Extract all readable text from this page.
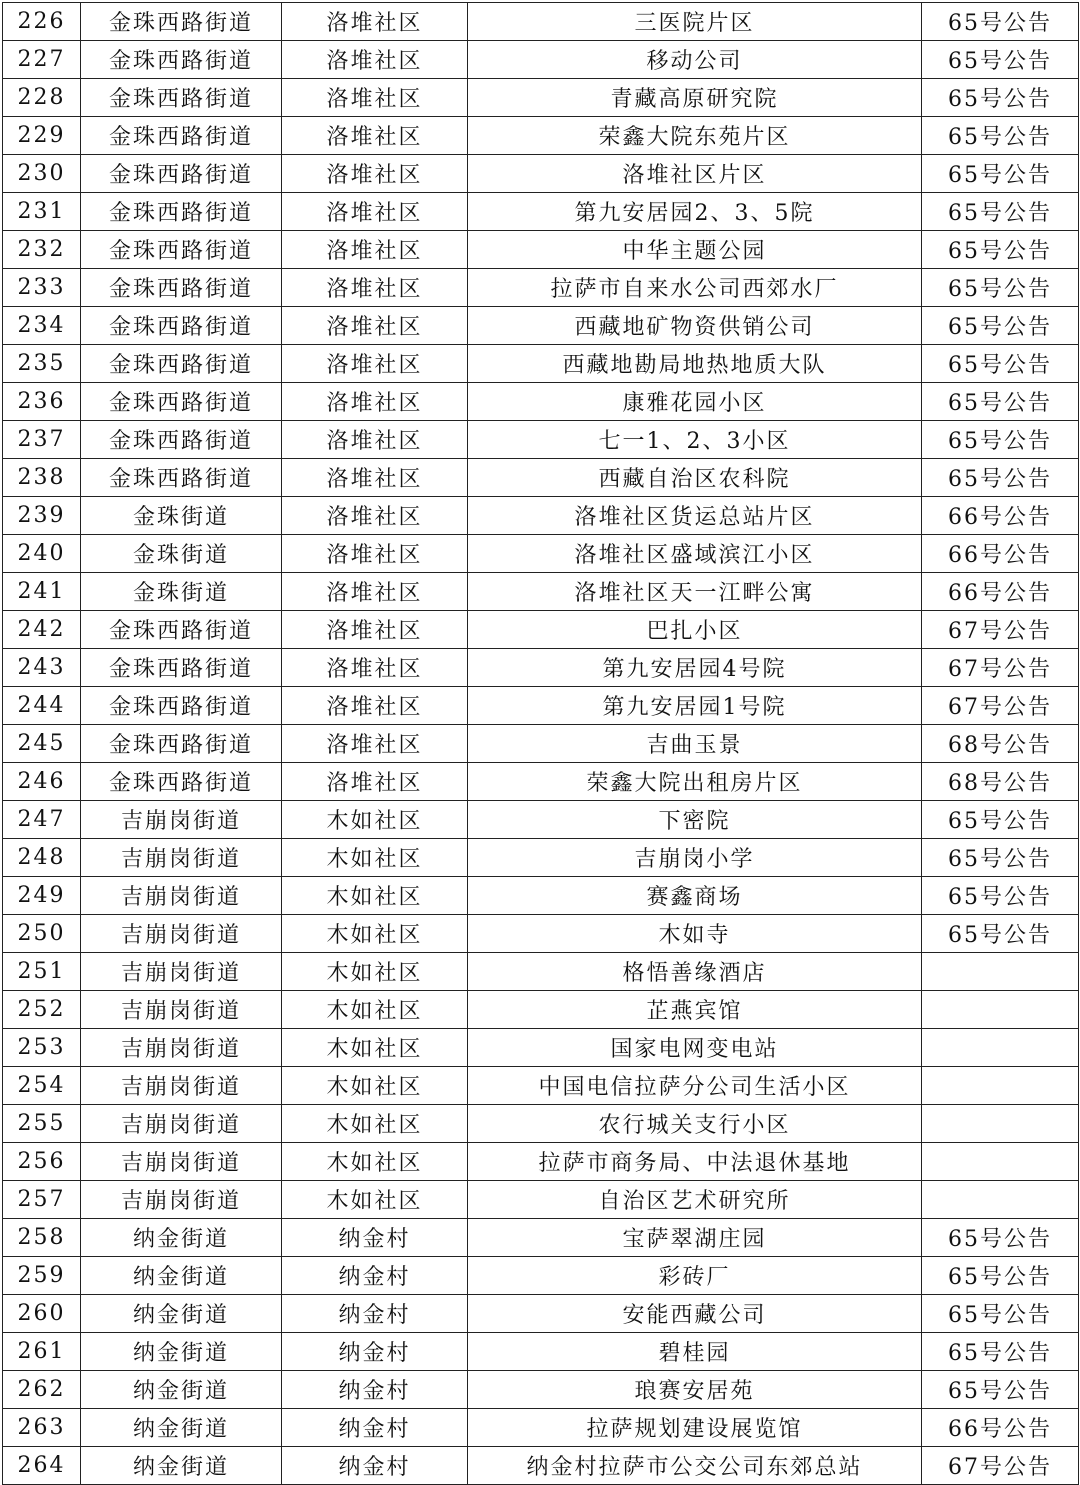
226	金珠西路街道	洛堆社区	三医院片区	65号公告
227	金珠西路街道	洛堆社区	移动公司	65号公告
228	金珠西路街道	洛堆社区	青藏高原研究院	65号公告
229	金珠西路街道	洛堆社区	荣鑫大院东苑片区	65号公告
230	金珠西路街道	洛堆社区	洛堆社区片区	65号公告
231	金珠西路街道	洛堆社区	第九安居园2、3、5院	65号公告
232	金珠西路街道	洛堆社区	中华主题公园	65号公告
233	金珠西路街道	洛堆社区	拉萨市自来水公司西郊水厂	65号公告
234	金珠西路街道	洛堆社区	西藏地矿物资供销公司	65号公告
235	金珠西路街道	洛堆社区	西藏地勘局地热地质大队	65号公告
236	金珠西路街道	洛堆社区	康雅花园小区	65号公告
237	金珠西路街道	洛堆社区	七一1、2、3小区	65号公告
238	金珠西路街道	洛堆社区	西藏自治区农科院	65号公告
239	金珠街道	洛堆社区	洛堆社区货运总站片区	66号公告
240	金珠街道	洛堆社区	洛堆社区盛域滨江小区	66号公告
241	金珠街道	洛堆社区	洛堆社区天一江畔公寓	66号公告
242	金珠西路街道	洛堆社区	巴扎小区	67号公告
243	金珠西路街道	洛堆社区	第九安居园4号院	67号公告
244	金珠西路街道	洛堆社区	第九安居园1号院	67号公告
245	金珠西路街道	洛堆社区	吉曲玉景	68号公告
246	金珠西路街道	洛堆社区	荣鑫大院出租房片区	68号公告
247	吉崩岗街道	木如社区	下密院	65号公告
248	吉崩岗街道	木如社区	吉崩岗小学	65号公告
249	吉崩岗街道	木如社区	赛鑫商场	65号公告
250	吉崩岗街道	木如社区	木如寺	65号公告
251	吉崩岗街道	木如社区	格悟善缘酒店	
252	吉崩岗街道	木如社区	芷燕宾馆	
253	吉崩岗街道	木如社区	国家电网变电站	
254	吉崩岗街道	木如社区	中国电信拉萨分公司生活小区	
255	吉崩岗街道	木如社区	农行城关支行小区	
256	吉崩岗街道	木如社区	拉萨市商务局、中法退休基地	
257	吉崩岗街道	木如社区	自治区艺术研究所	
258	纳金街道	纳金村	宝萨翠湖庄园	65号公告
259	纳金街道	纳金村	彩砖厂	65号公告
260	纳金街道	纳金村	安能西藏公司	65号公告
261	纳金街道	纳金村	碧桂园	65号公告
262	纳金街道	纳金村	琅赛安居苑	65号公告
263	纳金街道	纳金村	拉萨规划建设展览馆	66号公告
264	纳金街道	纳金村	纳金村拉萨市公交公司东郊总站	67号公告
